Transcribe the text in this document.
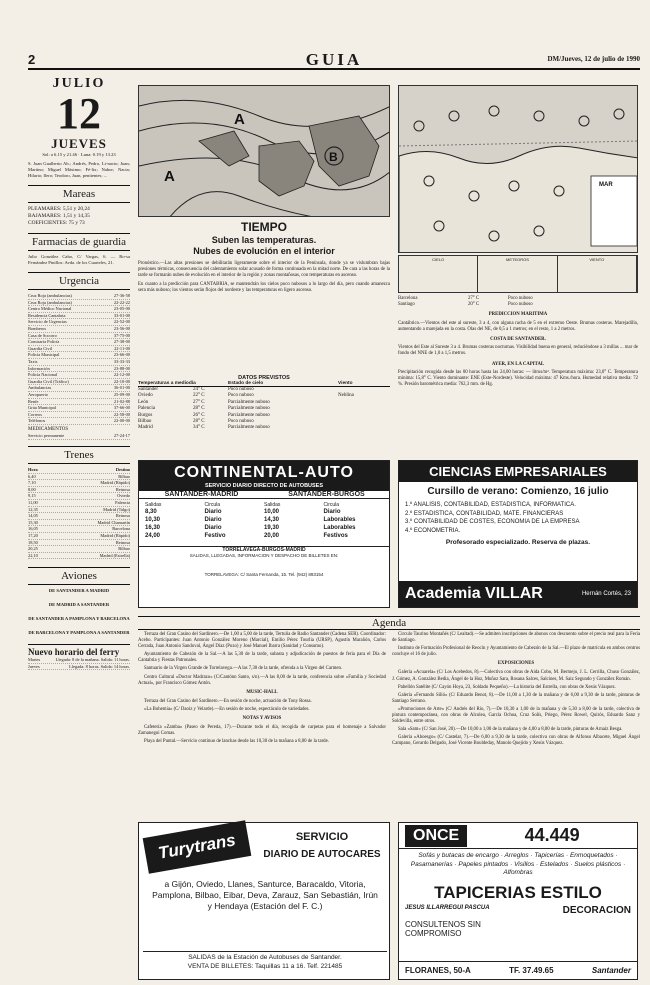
2	GUIA	DM/Jueves, 12 de julio de 1990
JULIO
12
JUEVES
Sol: a 6.15 y 21.46 · Luna: 0.19 y 13.23
S. Juan Gualberto Ab.; Andrés, Pedro, Li-nacio; Juan; Martino; Miguel Máximo; Fé-lix; Nabor; Nacia; Hilario; Ilero; Teodoro, Juan, penitentes; ...
Mareas
PLEAMARES: 5,51 y 20,24
BAJAMARES: 1,51 y 14,35
COEFICIENTES: 75 y 73
Farmacias de guardia
Julio González Cabo, C/ Vargas, 6. — Ro-sa Fernández Pinillos: Avda. de los Cuarteles, 21.
Urgencia
Cruz Roja (ambulancias)	27-36-58
Cruz Roja (ambulancias)	22-22-22
Centro Médico Nacional	23-05-00
Residencia Cantabria	33-01-00
Servicio de Urgencias	22-52-00
Bomberos	23-56-00
Casa de Socorro	37-75-00
Comisaría Policía	27-38-00
Guardia Civil	22-11-00
Policía Municipal	23-66-00
Taxis	33-33-33
Información	23-88-00
Policía Nacional	22-12-00
Guardia Civil (Tráfico)	22-10-00
Ambulancias	36-01-00
Aeropuerto	25-09-00
Renfe	21-02-88
Grúa Municipal	37-66-00
Correos	22-58-00
Teléfonos	22-00-00
MEDICAMENTOS
Servicio permanente	27-24-17
Trenes
Hora	Destino
6,40	Bilbao
7,10	Madrid (Rápido)
8,00	Reinosa
9,15	Oviedo
11,00	Palencia
12,35	Madrid (Talgo)
14,05	Reinosa
15,30	Madrid Chamartín
16,05	Barcelona
17,20	Madrid (Rápido)
18,50	Reinosa
20,25	Bilbao
22,10	Madrid (Estrella)
Aviones
DE SANTANDER A MADRID
DE MADRID A SANTANDER
DE SANTANDER A PAMPLONA Y BARCELONA
DE BARCELONA Y PAMPLONA A SANTANDER
Nuevo horario del ferry
Martes	Llegada: 8 de la mañana. Salida: 11 horas.
Jueves	Llegada: 8 horas. Salida: 14 horas.
A
A
B
TIEMPO
Suben las temperaturas.
Nubes de evolución en el interior

Pronóstico.—Las altas presiones se debilitarán ligeramente sobre el interior de la Península, donde ya se vislumbran bajas presiones térmicas, consecuencia del calentamiento solar acusado de forma continuada en la mitad norte. De cara a las horas de la tarde se formarán nubes de evolución en el interior de la región y zonas montañosas, con temperaturas en ascenso.

En cuanto a la predicción para CANTABRIA, se mantendrán los cielos poco nubosos a lo largo del día, pero cuando amanezca sera más nuboso; los vientos serán flojos del nordeste y las temperaturas en ligero ascenso.

DATOS PREVISTOS
Temperaturas a mediodía	Estado de cielo	Viento
Santander	24° C	Poco nuboso
Oviedo	22° C	Poco nuboso	Neblina
León	27° C	Parcialmente nuboso
Palencia	28° C	Parcialmente nuboso
Burgos	26° C	Parcialmente nuboso
Bilbao	28° C	Poco nuboso
Madrid	34° C	Parcialmente nuboso
MAR
CIELO	METEOROS	VIENTO
Barcelona	27° C	Poco nuboso
Santiago	20° C	Poco nuboso
PREDICCION MARITIMA

Cantábrico.—Vientos del este al sureste, 3 a 4, con alguna racha de 5 en el extremo Oeste. Brumas costeras. Marejadilla, aumentando a marejada en la costa. Olas del NE, de 0,5 a 1 metros; en el resto, 1 a 2 metros.

COSTA DE SANTANDER.

Vientos del Este al Sureste 3 a 4. Brumas costeras nocturnas. Visibilidad buena en general, reduciéndose a 3 millas ... mar de fondo del NNE de 1,0 a 1,5 metros.

AYER, EN LA CAPITAL

Precipitación recogida desde las 00 horas hasta las 24,00 horas: — litros/m². Temperatura máxima: 23,0° C. Temperatura mínima: 15,8° C. Viento dominante: ENE (Este-Nordeste). Velocidad máxima: 47 Kms./hora. Humedad relativa media: 72 %. Presión barométrica media: 762,3 mm. de Hg.

CONTINENTAL-AUTO
SERVICIO DIARIO DIRECTO DE AUTOBUSES
SANTANDER-MADRID	SANTANDER-BURGOS
Salidas	Circula	Salidas	Circula
8,30	Diario	10,00	Diario
10,30	Diario	14,30	Laborables
16,30	Diario	19,30	Laborables
24,00	Festivo	20,00	Festivos
TORRELAVEGA-BURGOS-MADRID
SALIDAS, LLEGADAS, INFORMACION Y DESPACHO DE BILLETES EN:
TORRELAVEGA: C/ Santa Fernanda, 15. Tel. (942) 893154
CIENCIAS EMPRESARIALES
Cursillo de verano: Comienzo, 16 julio
1.º ANALISIS, CONTABILIDAD, ESTADISTICA, INFORMATICA.
2.º ESTADISTICA, CONTABILIDAD, MATE. FINANCIERAS
3.º CONTABILIDAD DE COSTES, ECONOMIA DE LA EMPRESA
4.º ECONOMETRIA.
Profesorado especializado. Reserva de plazas.
Academia VILLAR	Hernán Cortés, 23
Agenda

Terraza del Gran Casino del Sardinero.—De 1,00 a 5,00 de la tarde, Tertulia de Radio Santander (Cadena SER). Coordinador: Acebo. Participantes: Juan Antonio González Moreno (Marcial), Emilio Pérez Tourlia (URSP), Agustín Marañón, Carlos Cerrada, Juan Antonio Sandoval, Ángel Díaz (Pozo) y José Manuel Ibarra (Sanidad y Consumo).

Ayuntamiento de Cabezón de la Sal.—A las 5,30 de la tarde, subasta y adjudicación de puestos de feria para el Día de Cantabria y Fiestas Patronales.

Santuario de la Virgen Grande de Torrelavega.—A las 7,30 de la tarde, ofrenda a la Virgen del Carmen.

Centro Cultural «Doctor Madrazo» (C/Cantónn Santo, s/n).—A las 8,00 de la tarde, conferencia sobre «Familia y Sociedad Actual», por Francisco Gómez Antón.

MUSIC-HALL

Terraza del Gran Casino del Sardinero.—En sesión de noche, actuación de Tony Rossa.

«La Bohemia» (C/ Daoiz y Velarde).—En sesión de noche, espectáculo de variedades.

NOTAS Y AVISOS

Cafetería «Zamba» (Paseo de Pereda, 17).—Durante todo el día, recogida de carpetas para el homenaje a Salvador Zamanegui Comas.

Playa del Puntal.—Servicio continuo de lanchas desde las 10,30 de la mañana a 8,00 de la tarde.

Circulo Taurino Montañés (C/ Lealtad).—Se admiten inscripciones de abonos con descuento sobre el precio real para la Feria de Santiago.

Instituto de Formación Profesional de Reocín y Ayuntamiento de Cabezón de la Sal.—El plazo de matrícula en ambos centros concluye el 16 de julio.

EXPOSICIONES

Galería «Acuarela» (C/ Los Acebedos, 8).—Colectiva con obras de Aida Cobo, M. Bermejo, J. L. Cerrilla, Chuso González, J. Gómez, A. González Bedia, Ángel de la Hoz, Muñoz Sara, Rosana Salces, Salcines, M. Saiz Segundo y González Román.

Pabellón Satélite (C/ Cayón Hoya, 23, Soldado Pequeño).—La historia del Estrella, con obras de Xesús Vázquez.

Galería «Fernando Silió» (C/ Eduardo Benot, 8).—De 11,00 a 1,30 de la mañana y de 6,00 a 9,30 de la tarde, pinturas de Santiago Serrano.

«Promociones de Arte» (C/ Andrés del Río, 7).—De 10,30 a 1,00 de la mañana y de 5,30 a 8,00 de la tarde, colectiva de pintura contemporánea, con obras de Alcolea, García Ochoa, Cruz Solís, Priego, Pérez Rowel, Quirós, Eduardo Sanz y Soldevilla, entre otros.

Sala «Sam» (C/ San José, 20).—De 10,00 a 1,00 de la mañana y de 4,00 a 8,00 de la tarde, pinturas de Arnaiz Besga.

Galería «Aboesgo» (C/ Castelar, 7).—De 6,00 a 9,30 de la tarde, colectiva con obras de Alfonso Albacete, Miguel Ángel Campano, Gerardo Delgado, José Vicente Bouldeday, Manolo Quejido y Xesús Vázquez.

Turytrans	SERVICIO
DIARIO DE AUTOCARES
a Gijón, Oviedo, Llanes, Santurce, Baracaldo, Vitoria, Pamplona, Bilbao, Eibar, Deva, Zarauz, San Sebastián, Irún y Hendaya (Estación del F. C.)
SALIDAS de la Estación de Autobuses de Santander.
VENTA DE BILLETES: Taquillas 11 a 16. Telf. 221485
ONCE	44.449
Sofás y butacas de encargo · Arreglos · Tapicerías · Enmoquetados · Pasamanerías · Papeles pintados · Visillos · Estelados · Suelos plásticos · Alfombras
TAPICERIAS ESTILO
JESUS ILLARREGUI PASCUA	DECORACION
CONSULTENOS SIN COMPROMISO
FLORANES, 50-A	TF. 37.49.65	Santander
